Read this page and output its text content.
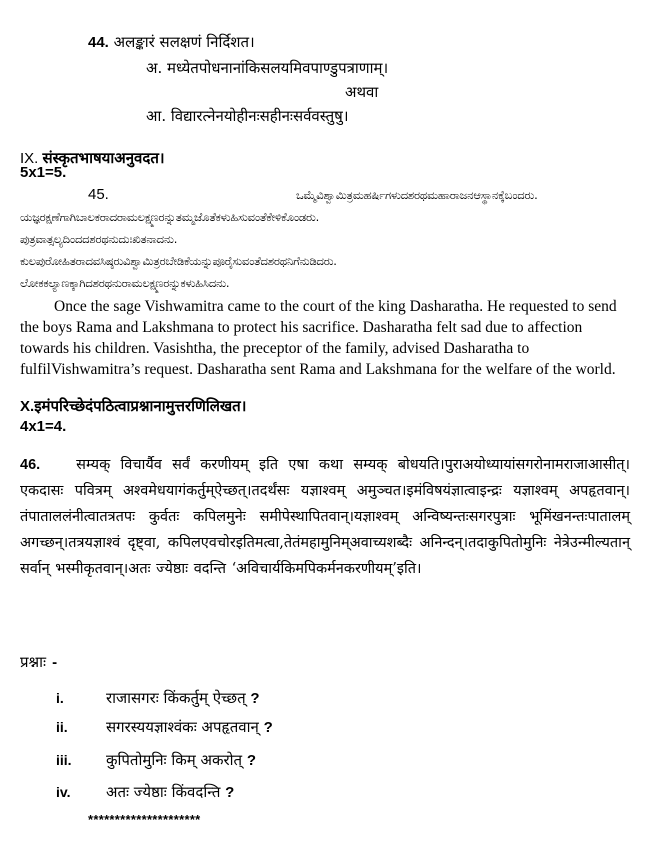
44. अलङ्कारं सलक्षणं निर्दिशत।
अ. मध्येतपोधनानांकिसलयमिवपाण्डुपत्राणाम्।
अथवा
आ. विद्यारत्नेनयोहीनःसहीनःसर्ववस्तुषु।
IX. संस्कृतभाषयाअनुवदत।
5x1=5.
45.	ಒಮ್ಮೆವಿಶ್ವಾಮಿತ್ರಮಹರ್ಷಿಗಳುದಶರಥಮಹಾರಾಜನಆಸ್ಥಾನಕ್ಕೆಬಂದರು.
ಯಜ್ಞರಕ್ಷಣೆಗಾಗಿಬಾಲಕರಾದರಾಮಲಕ್ಷ್ಮಣರನ್ನುತಮ್ಮಜೊತೆಕಳುಹಿಸುವಂತೆಕೇಳಿಕೊಂಡರು.
ಪುತ್ರವಾತ್ಸಲ್ಯದಿಂದದಶರಥನುದುಃಖಿತನಾದನು.
ಕುಲಪುರೋಹಿತರಾದವಸಿಷ್ಠರುವಿಶ್ವಾಮಿತ್ರರಬೇಡಿಕೆಯನ್ನುಪೂರೈಸುವಂತೆದಶರಥನಿಗೆನುಡಿದರು.
ಲೋಕಕಲ್ಯಾಣಕ್ಕಾಗಿದಶರಥನುರಾಮಲಕ್ಷ್ಮಣರನ್ನುಕಳುಹಿಸಿದನು.
Once the sage Vishwamitra came to the court of the king Dasharatha. He requested to send the boys Rama and Lakshmana to protect his sacrifice. Dasharatha felt sad due to affection towards his children. Vasishtha, the preceptor of the family, advised Dasharatha to fulfilVishwamitra’s request. Dasharatha sent Rama and Lakshmana for the welfare of the world.
X.इमंपरिच्छेदंपठित्वाप्रश्नानामुत्तरणिलिखत।
4x1=4.
46. सम्यक् विचार्यैव सर्वं करणीयम् इति एषा कथा सम्यक् बोधयति।पुराअयोध्यायांसगरोनामराजाआसीत्।एकदासः पवित्रम् अश्वमेधयागंकर्तुम्ऐच्छत्।तदर्थंसः यज्ञाश्वम् अमुञ्चत।इमंविषयंज्ञात्वाइन्द्रः यज्ञाश्वम् अपहृतवान्।तंपाताललंनीत्वातत्रतपः कुर्वतः कपिलमुनेः समीपेस्थापितवान्।यज्ञाश्वम् अन्विष्यन्तःसगरपुत्राः भूमिंखनन्तःपातालम् अगच्छन्।तत्रयज्ञाश्वं दृष्ट्वा, कपिलएवचोरइतिमत्वा,तेतंमहामुनिम्अवाच्यशब्दैः अनिन्दन्।तदाकुपितोमुनिः नेत्रेउन्मील्यतान् सर्वान् भस्मीकृतवान्।अतः ज्येष्ठाः वदन्ति ‘अविचार्यकिमपिकर्मनकरणीयम्’इति।
प्रश्नाः -
i.	राजासगरः किंकर्तुम् ऐच्छत् ?
ii.	सगरस्ययज्ञाश्वंकः अपहृतवान् ?
iii. कुपितोमुनिः किम् अकरोत् ?
iv. अतः ज्येष्ठाः किंवदन्ति ?
*********************
